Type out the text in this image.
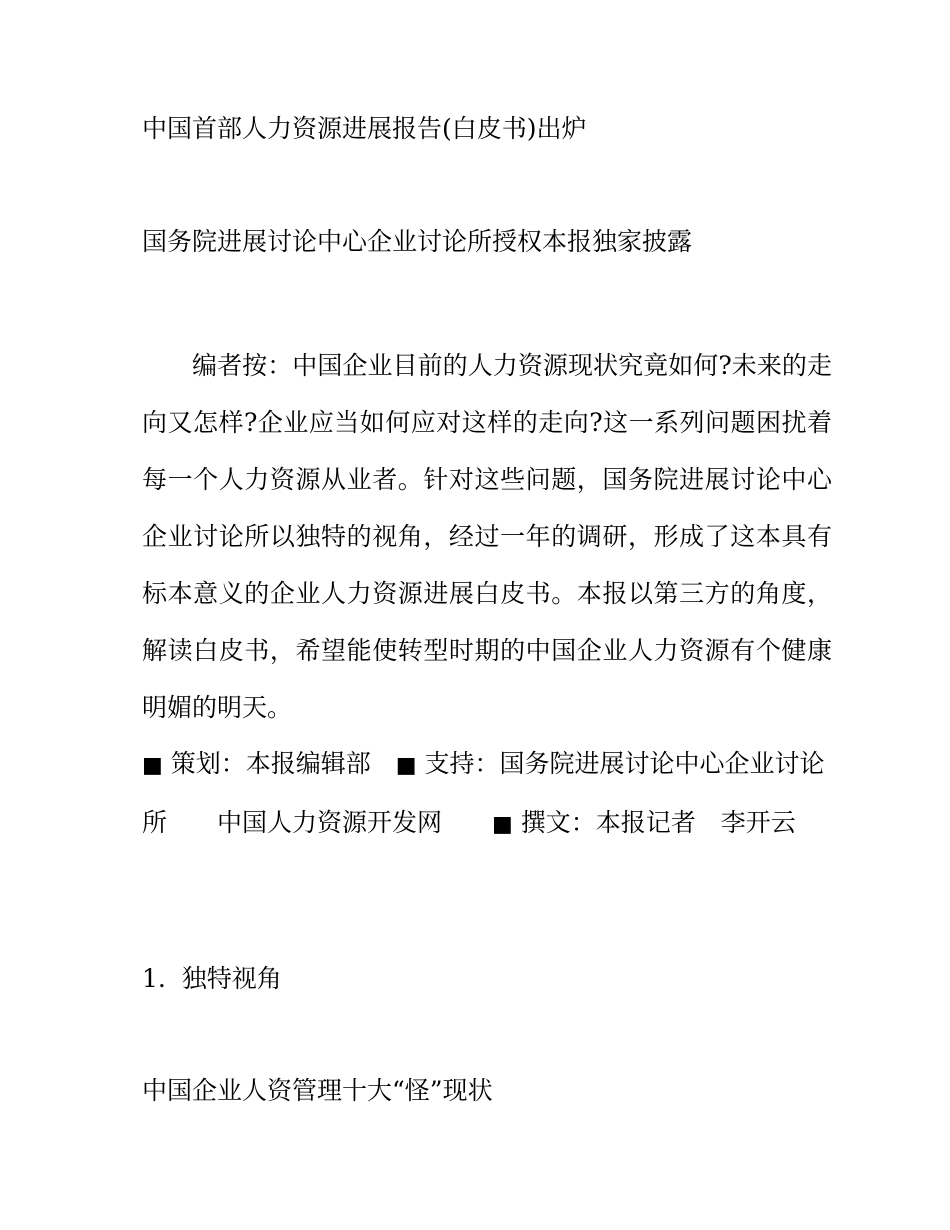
中国首部人力资源进展报告(白皮书)出炉
国务院进展讨论中心企业讨论所授权本报独家披露
编者按：中国企业目前的人力资源现状究竟如何?未来的走向又怎样?企业应当如何应对这样的走向?这一系列问题困扰着每一个人力资源从业者。针对这些问题，国务院进展讨论中心企业讨论所以独特的视角，经过一年的调研，形成了这本具有标本意义的企业人力资源进展白皮书。本报以第三方的角度，解读白皮书，希望能使转型时期的中国企业人力资源有个健康明媚的明天。
■ 策划：本报编辑部　■ 支持：国务院进展讨论中心企业讨论所　　中国人力资源开发网　　■ 撰文：本报记者　李开云
1.  独特视角
中国企业人资管理十大“怪”现状
